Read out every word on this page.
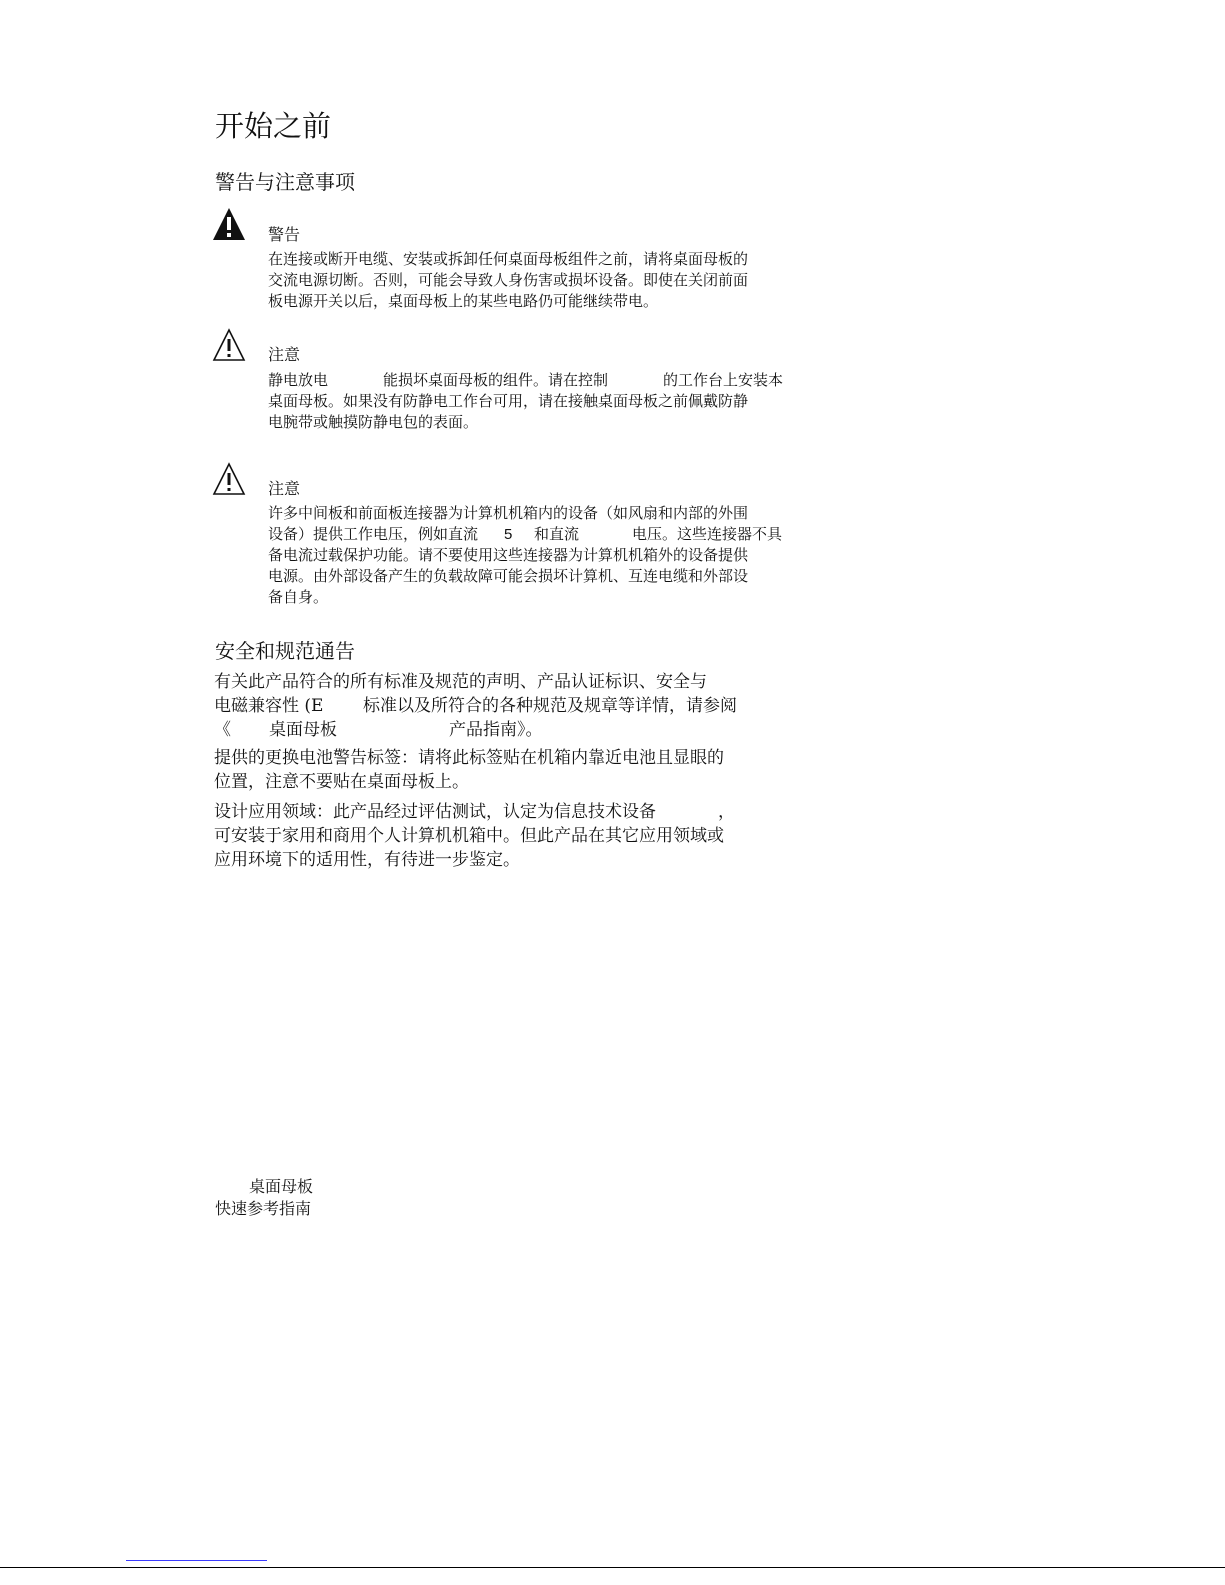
开始之前
警告与注意事项
警告
在连接或断开电缆、安装或拆卸任何桌面母板组件之前，请将桌面母板的
交流电源切断。否则，可能会导致人身伤害或损坏设备。即使在关闭前面
板电源开关以后，桌面母板上的某些电路仍可能继续带电。
注意
静电放电	能损坏桌面母板的组件。请在控制	的工作台上安装本
桌面母板。如果没有防静电工作台可用，请在接触桌面母板之前佩戴防静
电腕带或触摸防静电包的表面。
注意
许多中间板和前面板连接器为计算机机箱内的设备（如风扇和内部的外围
设备）提供工作电压，例如直流 5 和直流	电压。这些连接器不具
备电流过载保护功能。请不要使用这些连接器为计算机机箱外的设备提供
电源。由外部设备产生的负载故障可能会损坏计算机、互连电缆和外部设
备自身。
安全和规范通告
有关此产品符合的所有标准及规范的声明、产品认证标识、安全与
电磁兼容性 (E 标准以及所符合的各种规范及规章等详情，请参阅
《 桌面母板	产品指南》。
提供的更换电池警告标签：请将此标签贴在机箱内靠近电池且显眼的
位置，注意不要贴在桌面母板上。
设计应用领域：此产品经过评估测试，认定为信息技术设备	，
可安装于家用和商用个人计算机机箱中。但此产品在其它应用领域或
应用环境下的适用性，有待进一步鉴定。
桌面母板
快速参考指南
